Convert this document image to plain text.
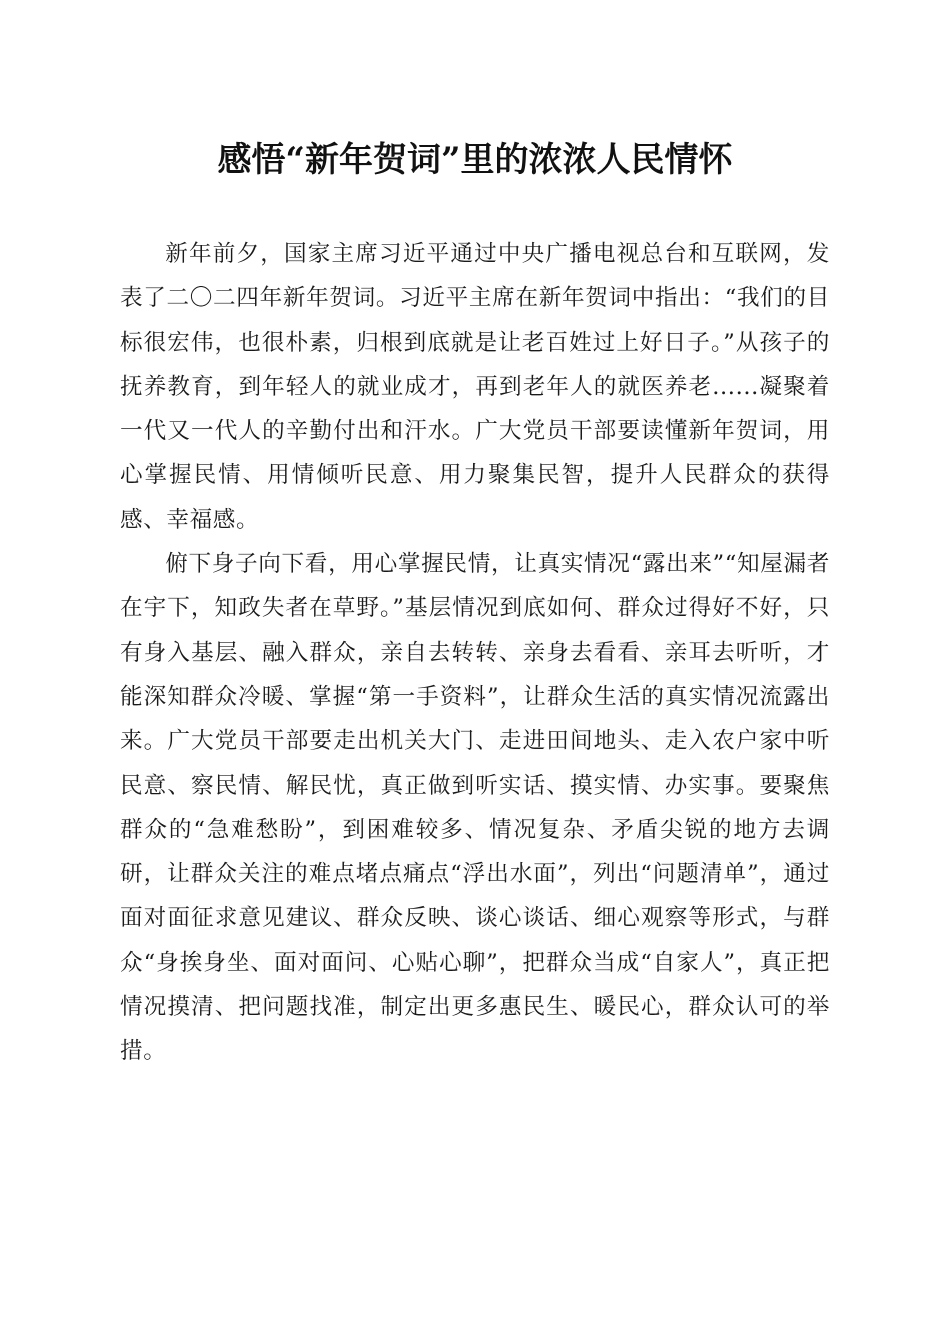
感悟“新年贺词”里的浓浓人民情怀

新年前夕，国家主席习近平通过中央广播电视总台和互联网，发表了二〇二四年新年贺词。习近平主席在新年贺词中指出：“我们的目标很宏伟，也很朴素，归根到底就是让老百姓过上好日子。”从孩子的抚养教育，到年轻人的就业成才，再到老年人的就医养老......凝聚着一代又一代人的辛勤付出和汗水。广大党员干部要读懂新年贺词，用心掌握民情、用情倾听民意、用力聚集民智，提升人民群众的获得感、幸福感。

俯下身子向下看，用心掌握民情，让真实情况“露出来”“知屋漏者在宇下，知政失者在草野。”基层情况到底如何、群众过得好不好，只有身入基层、融入群众，亲自去转转、亲身去看看、亲耳去听听，才能深知群众冷暖、掌握“第一手资料”，让群众生活的真实情况流露出来。广大党员干部要走出机关大门、走进田间地头、走入农户家中听民意、察民情、解民忧，真正做到听实话、摸实情、办实事。要聚焦群众的“急难愁盼”，到困难较多、情况复杂、矛盾尖锐的地方去调研，让群众关注的难点堵点痛点“浮出水面”，列出“问题清单”，通过面对面征求意见建议、群众反映、谈心谈话、细心观察等形式，与群众“身挨身坐、面对面问、心贴心聊”，把群众当成“自家人”，真正把情况摸清、把问题找准，制定出更多惠民生、暖民心，群众认可的举措。
